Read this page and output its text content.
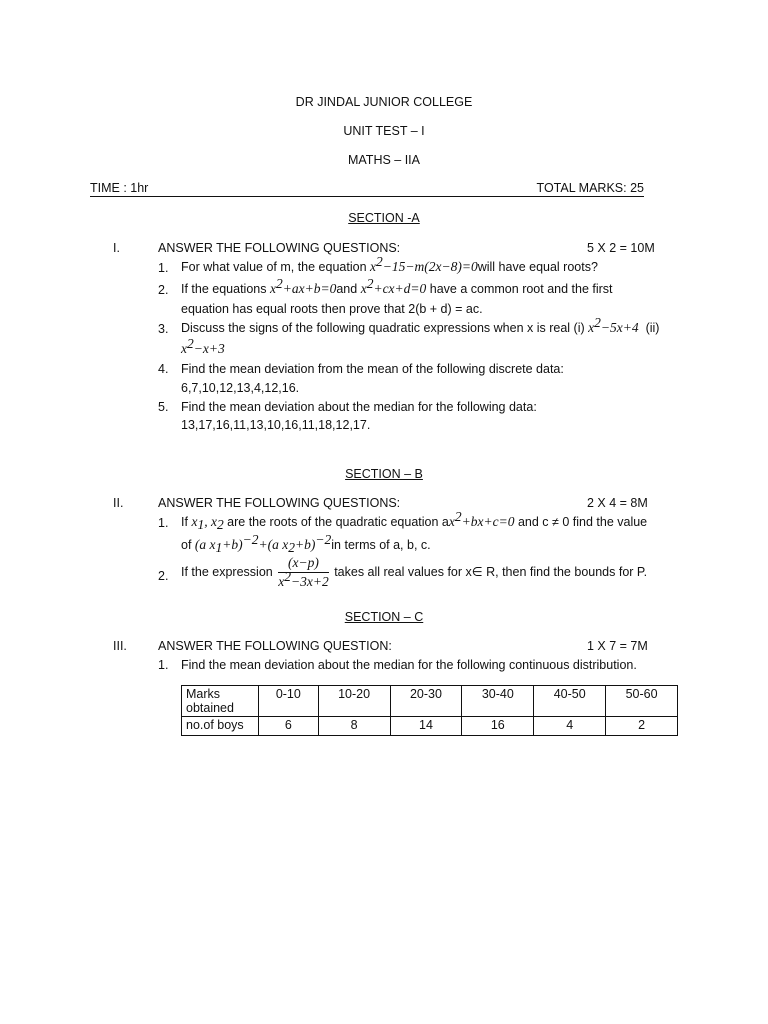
DR JINDAL JUNIOR COLLEGE
UNIT TEST – I
MATHS – IIA
TIME : 1hr	TOTAL MARKS: 25
SECTION -A
I.	ANSWER THE FOLLOWING QUESTIONS:	5 X 2 = 10M
1. For what value of m, the equation $x^2-15-m(2x-8)=0will$ have equal roots?
2. If the equations $x^2+ax+b=0and$ $x^2+cx+d=0$ have a common root and the first
equation has equal roots then prove that 2(b + d) = ac.
3. Discuss the signs of the following quadratic expressions when x is real (i) $x^2-5x+4$ (ii)
$x^2-x+3$
4. Find the mean deviation from the mean of the following discrete data:
6,7,10,12,13,4,12,16.
5. Find the mean deviation about the median for the following data:
13,17,16,11,13,10,16,11,18,12,17.
SECTION – B
II.	ANSWER THE FOLLOWING QUESTIONS:	2 X 4 = 8M
1. If $x_1$, $x_2$ are the roots of the quadratic equation $ax^2+bx+c=0$ and c ≠ 0 find the value
of (a $x_1+b)^{-2}+(a$ $x_2+b)^{-2}in$ terms of a, b, c.
2. If the expression $\frac{(x-p)}{x^2-3x+2}$ takes all real values for x∈ R, then find the bounds for P.
SECTION – C
III. ANSWER THE FOLLOWING QUESTION:	1 X 7 = 7M
1. Find the mean deviation about the median for the following continuous distribution.
Marks obtained	0-10	10-20	20-30	30-40	40-50	50-60
no.of boys	6	8	14	16	4	2
